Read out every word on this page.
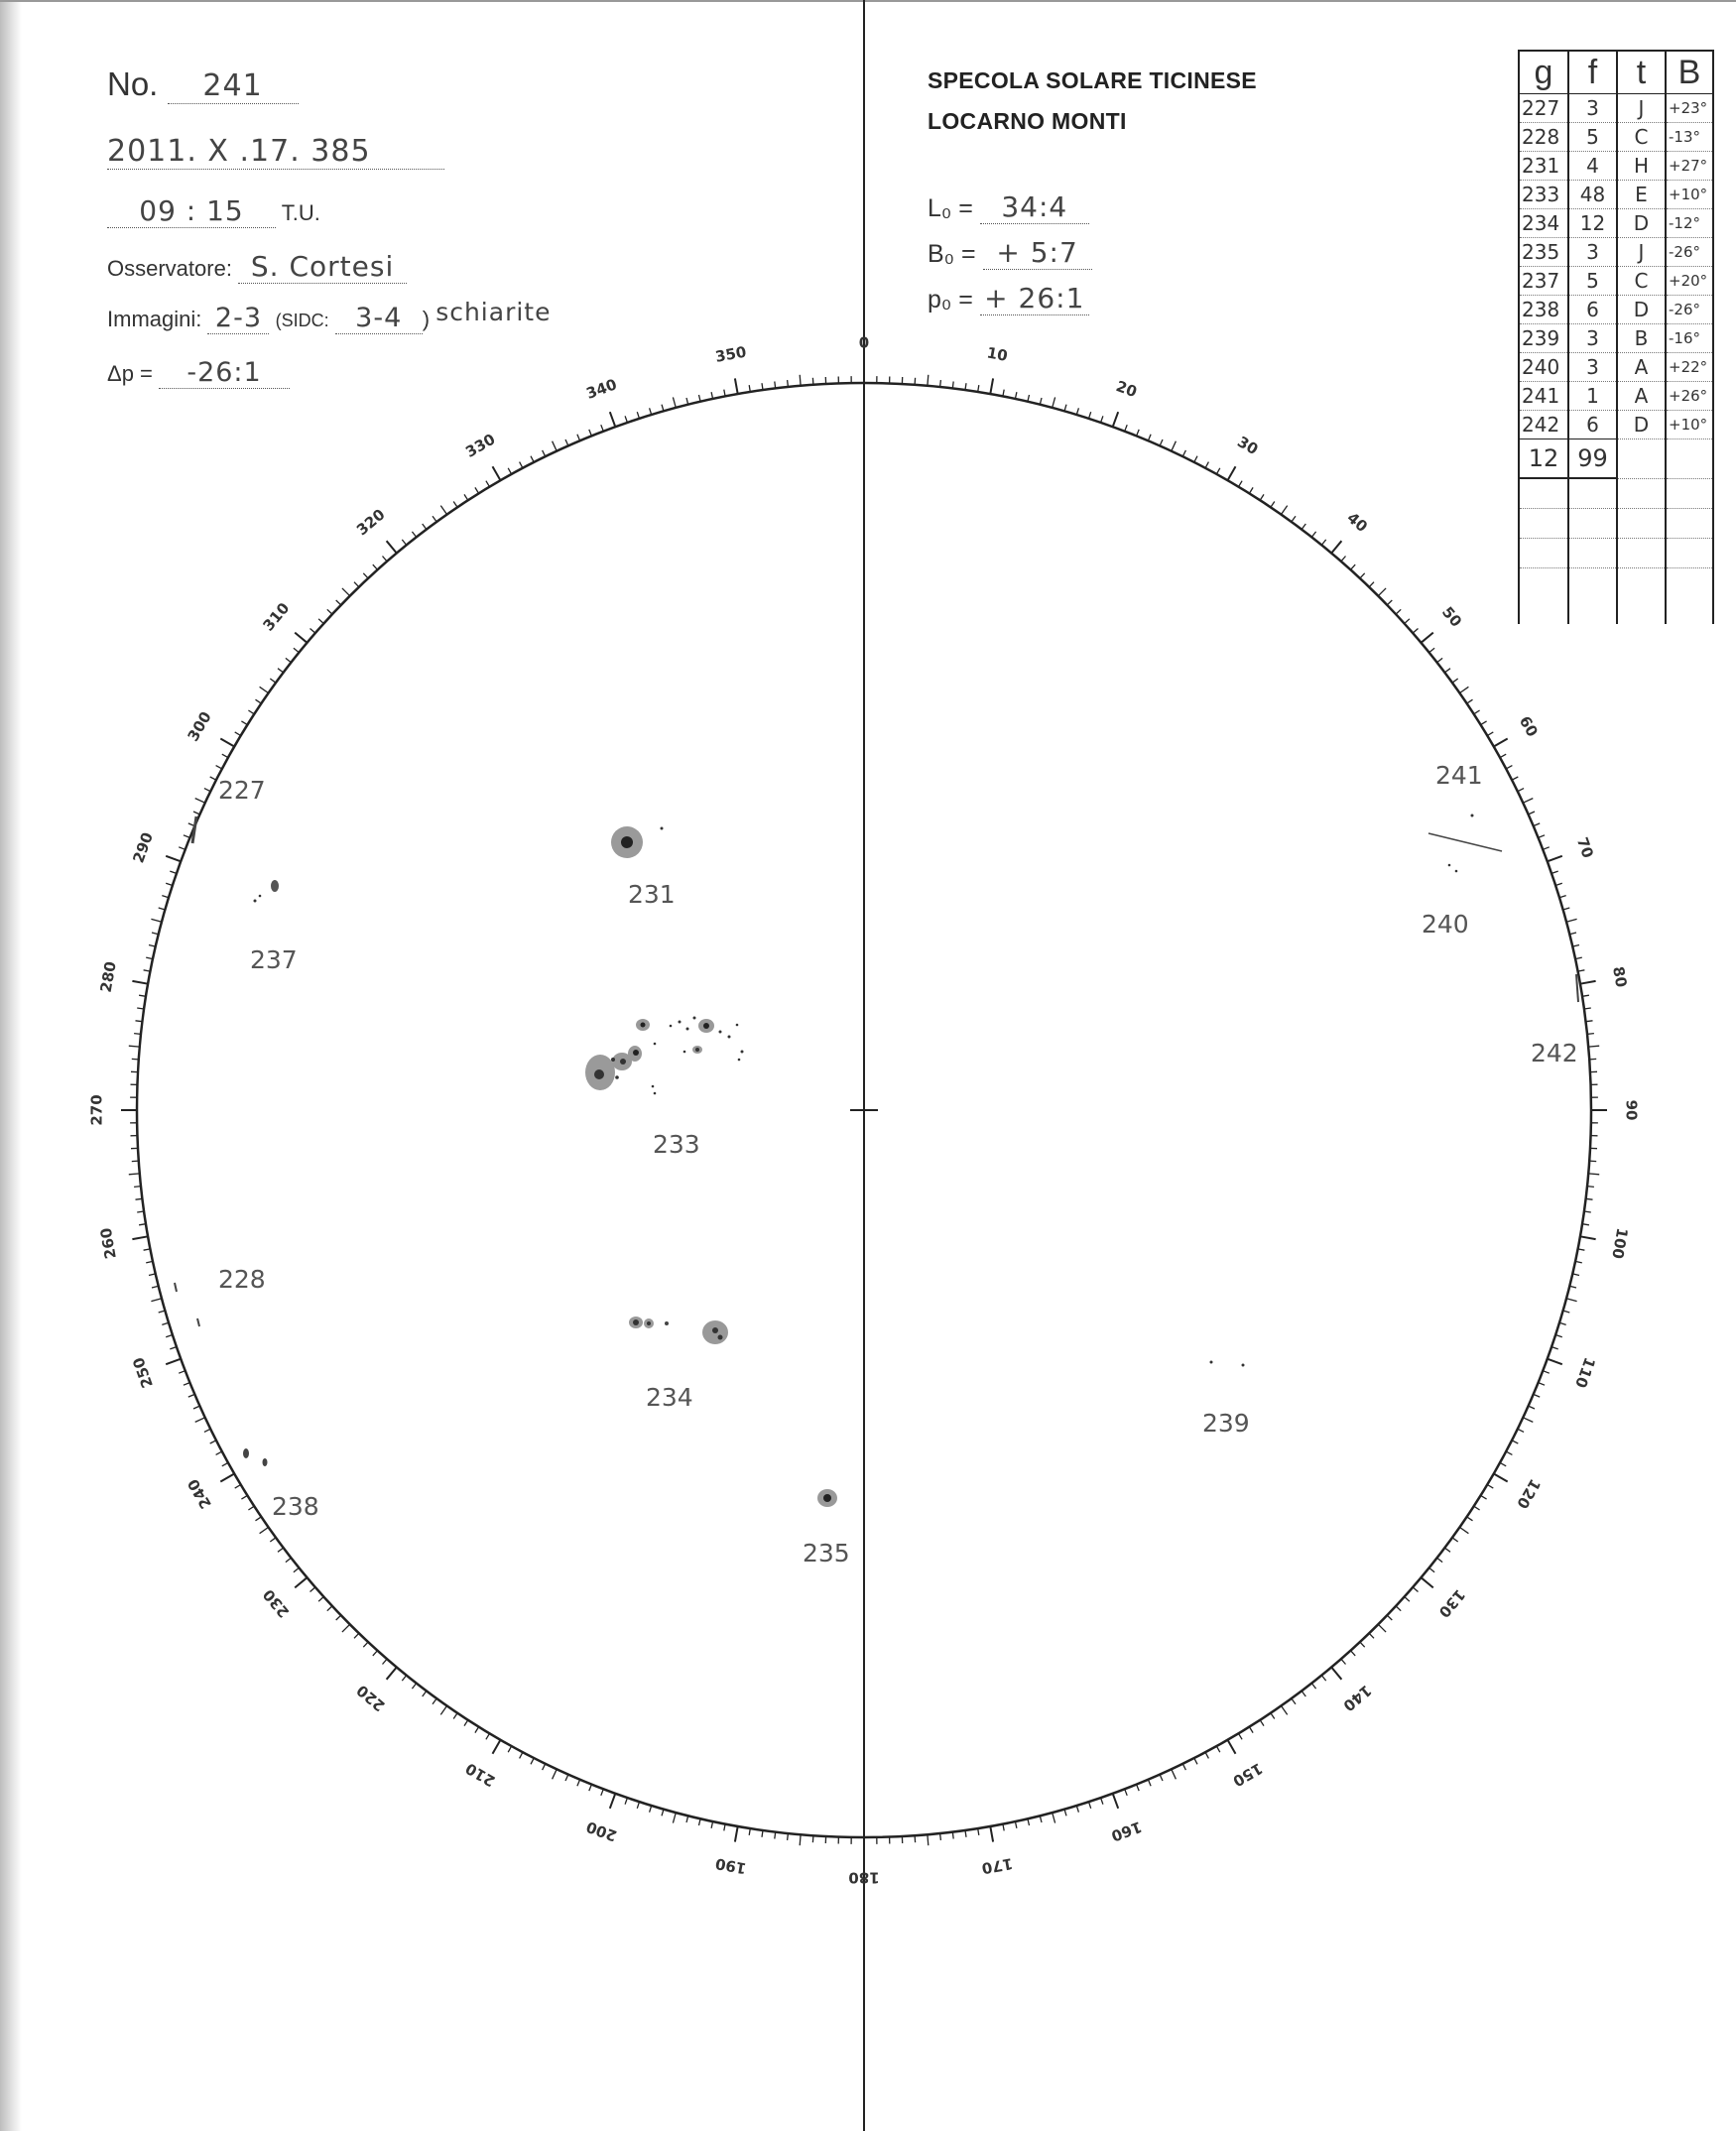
No. 241
2011. X .17. 385
09 : 15 T.U.
Osservatore: S. Cortesi
Immagini: 2-3 (SIDC: 3-4 ) schiarite
Δp = -26:1
SPECOLA SOLARE TICINESE
LOCARNO MONTI
L₀ = 34:4
B₀ = + 5:7
p₀ = + 26:1
g	f	t	B
227	3	J	+23°
228	5	C	-13°
231	4	H	+27°
233	48	E	+10°
234	12	D	-12°
235	3	J	-26°
237	5	C	+20°
238	6	D	-26°
239	3	B	-16°
240	3	A	+22°
241	1	A	+26°
242	6	D	+10°
12	99		

0
10
20
30
40
50
60
70
80
90
100
110
120
130
140
150
160
170
180
190
200
210
220
230
240
250
260
270
280
290
300
310
320
330
340
350
227
231
237
233
228
234
238
235
239
240
241
242
